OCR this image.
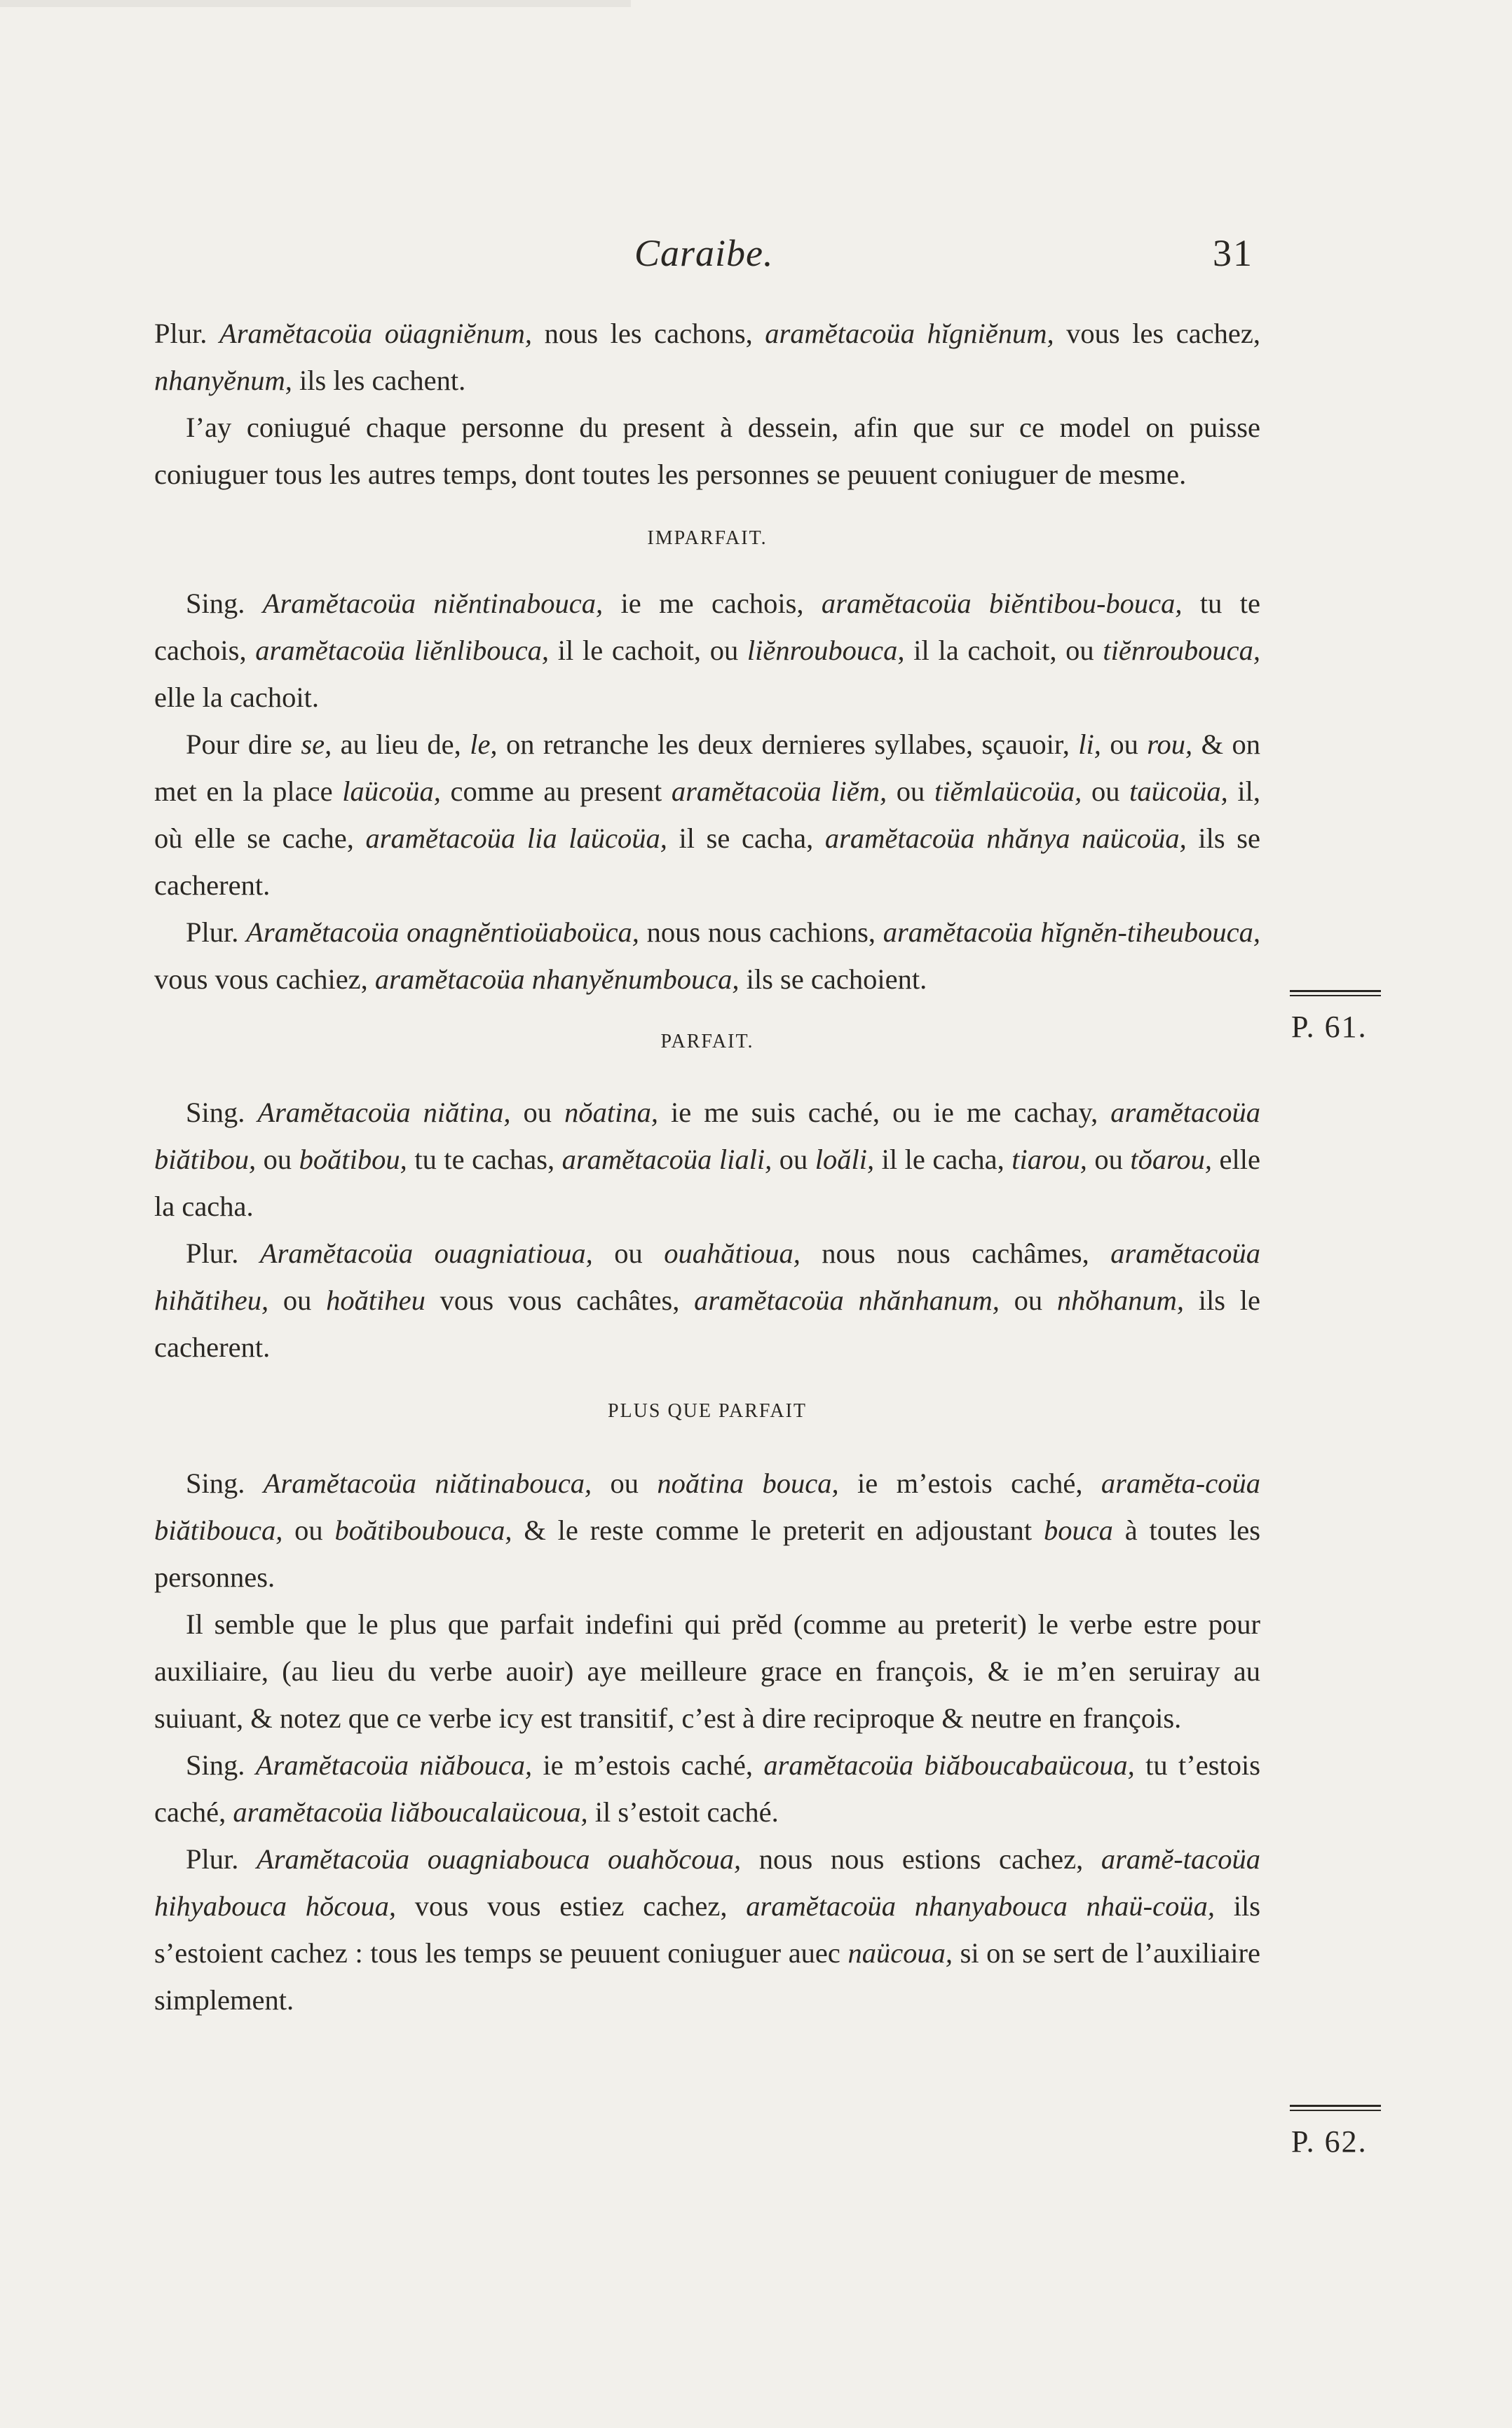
Caraibe.	31

Plur. Aramĕtacoüa oüagniĕnum, nous les cachons, aramĕtacoüa hĭgniĕnum, vous les cachez, nhanyĕnum, ils les cachent.

I’ay coniugué chaque personne du present à dessein, afin que sur ce model on puisse coniuguer tous les autres temps, dont toutes les personnes se peuuent coniuguer de mesme.

IMPARFAIT.

Sing. Aramĕtacoüa niĕntinabouca, ie me cachois, aramĕtacoüa biĕntibou-bouca, tu te cachois, aramĕtacoüa liĕnlibouca, il le cachoit, ou liĕnroubouca, il la cachoit, ou tiĕnroubouca, elle la cachoit.

Pour dire se, au lieu de, le, on retranche les deux dernieres syllabes, sçauoir, li, ou rou, & on met en la place laücoüa, comme au present aramĕtacoüa liĕm, ou tiĕmlaücoüa, ou taücoüa, il, où elle se cache, aramĕtacoüa lia laücoüa, il se cacha, aramĕtacoüa nhănya naücoüa, ils se cacherent.

Plur. Aramĕtacoüa onagnĕntioüaboüca, nous nous cachions, aramĕtacoüa hĭgnĕn-tiheubouca, vous vous cachiez, aramĕtacoüa nhanyĕnumbouca, ils se cachoient.

PARFAIT.

Sing. Aramĕtacoüa niătina, ou nŏatina, ie me suis caché, ou ie me cachay, aramĕtacoüa biătibou, ou boătibou, tu te cachas, aramĕtacoüa liali, ou loăli, il le cacha, tiarou, ou tŏarou, elle la cacha.

Plur. Aramĕtacoüa ouagniatioua, ou ouahătioua, nous nous cachâmes, aramĕtacoüa hihătiheu, ou hoătiheu vous vous cachâtes, aramĕtacoüa nhănhanum, ou nhŏhanum, ils le cacherent.

PLUS QUE PARFAIT

Sing. Aramĕtacoüa niătinabouca, ou noătina bouca, ie m’estois caché, aramĕta-coüa biătibouca, ou boătiboubouca, & le reste comme le preterit en adjoustant bouca à toutes les personnes.

Il semble que le plus que parfait indefini qui prĕd (comme au preterit) le verbe estre pour auxiliaire, (au lieu du verbe auoir) aye meilleure grace en françois, & ie m’en seruiray au suiuant, & notez que ce verbe icy est transitif, c’est à dire reciproque & neutre en françois.

Sing. Aramĕtacoüa niăbouca, ie m’estois caché, aramĕtacoüa biăboucabaücoua, tu t’estois caché, aramĕtacoüa liăboucalaücoua, il s’estoit caché.

Plur. Aramĕtacoüa ouagniabouca ouahŏcoua, nous nous estions cachez, aramĕ-tacoüa hihyabouca hŏcoua, vous vous estiez cachez, aramĕtacoüa nhanyabouca nhaü-coüa, ils s’estoient cachez : tous les temps se peuuent coniuguer auec naücoua, si on se sert de l’auxiliaire simplement.

P. 61.
P. 62.
